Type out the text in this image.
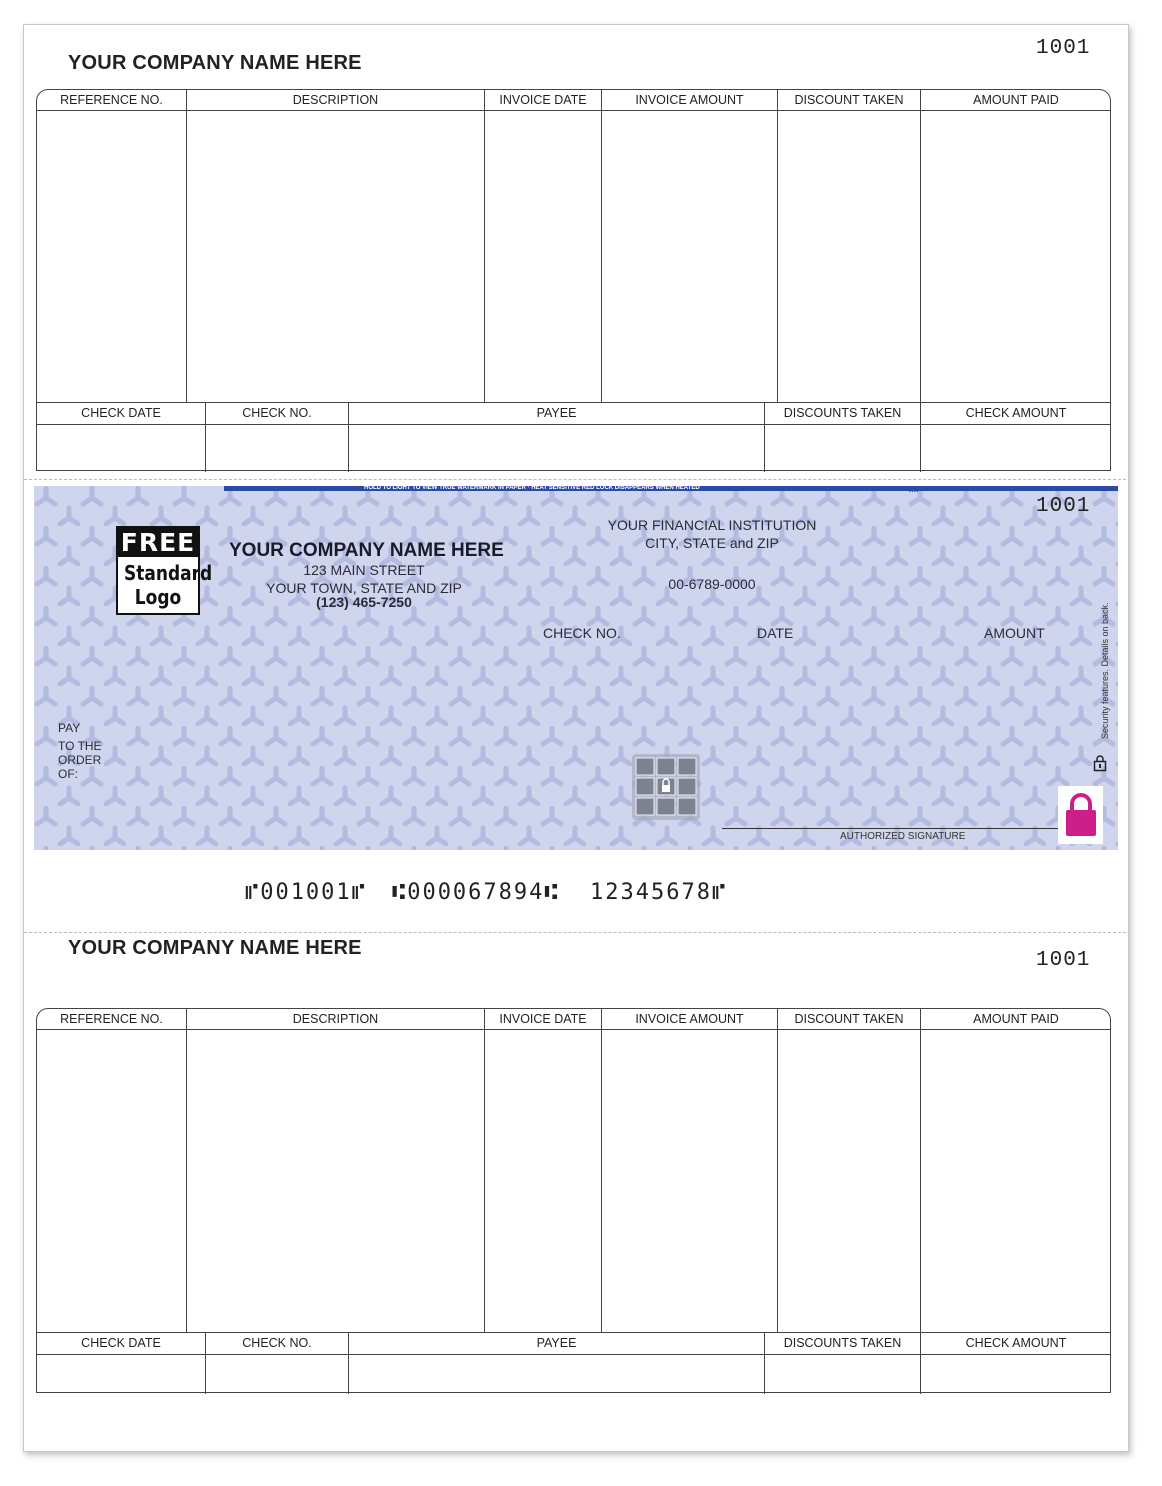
YOUR COMPANY NAME HERE
1001
REFERENCE NO.	DESCRIPTION	INVOICE DATE	INVOICE AMOUNT	DISCOUNT TAKEN	AMOUNT PAID
CHECK DATE	CHECK NO.	PAYEE	DISCOUNTS TAKEN	CHECK AMOUNT
HOLD TO LIGHT TO VIEW TRUE WATERMARK IN PAPER · HEAT SENSITIVE RED LOCK DISAPPEARS WHEN HEATED	MP
1001
FREE
Standard
Logo
YOUR COMPANY NAME HERE
123 MAIN STREET
YOUR TOWN, STATE AND ZIP
(123) 465-7250
YOUR FINANCIAL INSTITUTION
CITY, STATE and ZIP
00-6789-0000
CHECK NO.	DATE	AMOUNT
PAY
TO THE
ORDER
OF:
Security features. Details on back.
AUTHORIZED SIGNATURE
⑈001001⑈ ⑆000067894⑆ 12345678⑈
YOUR COMPANY NAME HERE
1001
REFERENCE NO.	DESCRIPTION	INVOICE DATE	INVOICE AMOUNT	DISCOUNT TAKEN	AMOUNT PAID
CHECK DATE	CHECK NO.	PAYEE	DISCOUNTS TAKEN	CHECK AMOUNT
